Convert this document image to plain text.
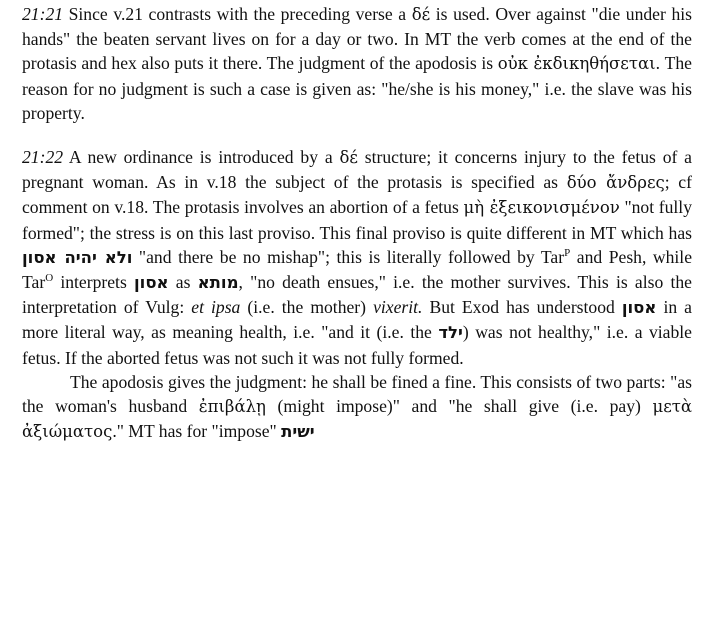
21:21 Since v.21 contrasts with the preceding verse a δέ is used. Over against "die under his hands" the beaten servant lives on for a day or two. In MT the verb comes at the end of the protasis and hex also puts it there. The judgment of the apodosis is οὐκ ἐκδικηθήσεται. The reason for no judgment is such a case is given as: "he/she is his money," i.e. the slave was his property.

21:22 A new ordinance is introduced by a δέ structure; it concerns injury to the fetus of a pregnant woman. As in v.18 the subject of the protasis is specified as δύο ἄνδρες; cf comment on v.18. The protasis involves an abortion of a fetus μὴ ἐξεικονισμένον "not fully formed"; the stress is on this last proviso. This final proviso is quite different in MT which has ולא יהיה אסון "and there be no mishap"; this is literally followed by Tar$^P$ and Pesh, while Tar$^O$ interprets אסון as מותא, "no death ensues," i.e. the mother survives. This is also the interpretation of Vulg: et ipsa (i.e. the mother) vixerit. But Exod has understood אסון in a more literal way, as meaning health, i.e. "and it (i.e. the ילד) was not healthy," i.e. a viable fetus. If the aborted fetus was not such it was not fully formed.

The apodosis gives the judgment: he shall be fined a fine. This consists of two parts: "as the woman's husband ἐπιβάλῃ (might impose)" and "he shall give (i.e. pay) μετὰ ἀξιώματος." MT has for "impose" ישית
